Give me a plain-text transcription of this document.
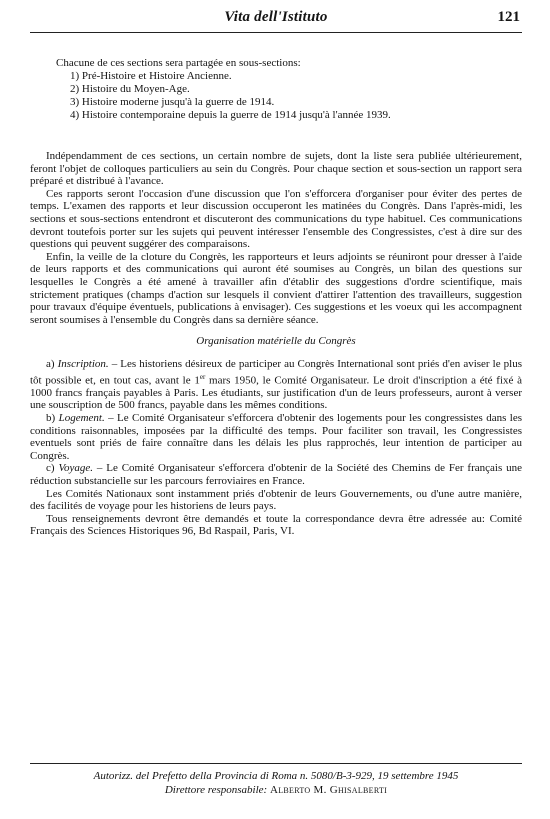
Vita dell'Istituto	121

Chacune de ces sections sera partagée en sous-sections:

1) Pré-Histoire et Histoire Ancienne.
2) Histoire du Moyen-Age.
3) Histoire moderne jusqu'à la guerre de 1914.
4) Histoire contemporaine depuis la guerre de 1914 jusqu'à l'année 1939.

Indépendamment de ces sections, un certain nombre de sujets, dont la liste sera publiée ultérieurement, feront l'objet de colloques particuliers au sein du Congrès. Pour chaque section et sous-section un rapport sera préparé et distribué à l'avance.

Ces rapports seront l'occasion d'une discussion que l'on s'efforcera d'organiser pour éviter des pertes de temps. L'examen des rapports et leur discussion occuperont les matinées du Congrès. Dans l'après-midi, les sections et sous-sections entendront et discuteront des communications du type habituel. Ces communications devront toutefois porter sur les sujets qui peuvent intéresser l'ensemble des Congressistes, c'est à dire sur des questions qui peuvent suggérer des comparaisons.

Enfin, la veille de la cloture du Congrès, les rapporteurs et leurs adjoints se réuniront pour dresser à l'aide de leurs rapports et des communications qui auront été soumises au Congrès, un bilan des questions sur lesquelles le Congrès a été amené à travailler afin d'établir des suggestions d'ordre scientifique, mais strictement pratiques (champs d'action sur lesquels il convient d'attirer l'attention des travailleurs, suggestion pour travaux d'équipe éventuels, publications à envisager). Ces suggestions et les voeux qui les accompagnent seront soumises à l'ensemble du Congrès dans sa dernière séance.

Organisation matérielle du Congrès

a) Inscription. – Les historiens désireux de participer au Congrès International sont priés d'en aviser le plus tôt possible et, en tout cas, avant le 1er mars 1950, le Comité Organisateur. Le droit d'inscription a été fixé à 1000 francs français payables à Paris. Les étudiants, sur justification d'un de leurs professeurs, auront à verser une souscription de 500 francs, payable dans les mêmes conditions.

b) Logement. – Le Comité Organisateur s'efforcera d'obtenir des logements pour les congressistes dans les conditions raisonnables, imposées par la difficulté des temps. Pour faciliter son travail, les Congressistes eventuels sont priés de faire connaître dans les délais les plus rapprochés, leur intention de participer au Congrès.

c) Voyage. – Le Comité Organisateur s'efforcera d'obtenir de la Société des Chemins de Fer français une réduction substancielle sur les parcours ferroviaires en France.

Les Comités Nationaux sont instamment priés d'obtenir de leurs Gouvernements, ou d'une autre manière, des facilités de voyage pour les historiens de leurs pays.

Tous renseignements devront être demandés et toute la correspondance devra être adressée au: Comité Français des Sciences Historiques 96, Bd Raspail, Paris, VI.

Autorizz. del Prefetto della Provincia di Roma n. 5080/B-3-929, 19 settembre 1945
Direttore responsabile: Alberto M. Ghisalberti
